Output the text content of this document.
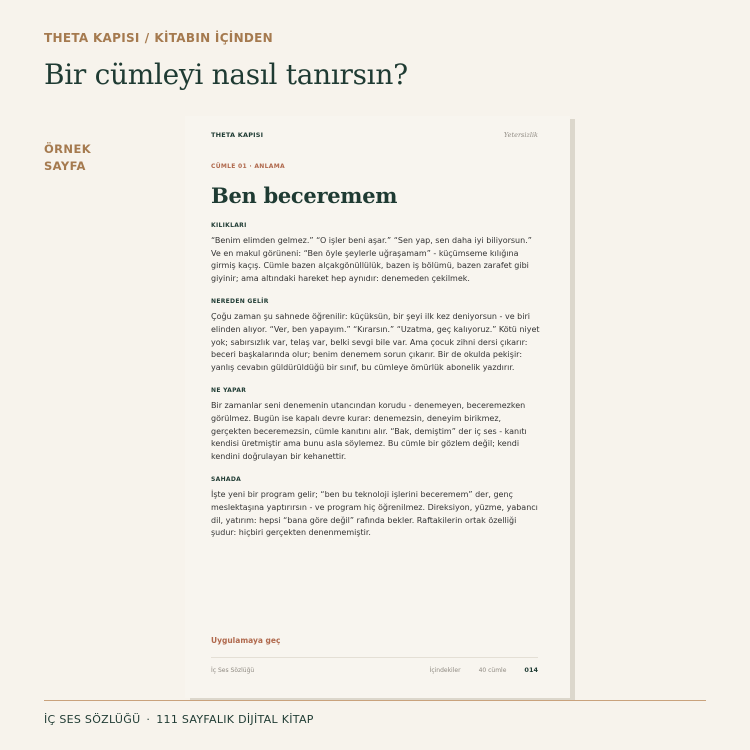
THETA KAPISI / KİTABIN İÇİNDEN
Bir cümleyi nasıl tanırsın?
ÖRNEK
SAYFA
THETA KAPISI	Yetersizlik
CÜMLE 01 · ANLAMA
Ben beceremem
KILIKLARI

“Benim elimden gelmez.” “O işler beni aşar.” “Sen yap, sen daha iyi biliyorsun.” Ve en makul görüneni: “Ben öyle şeylerle uğraşamam” - küçümseme kılığına girmiş kaçış. Cümle bazen alçakgönüllülük, bazen iş bölümü, bazen zarafet gibi giyinir; ama altındaki hareket hep aynıdır: denemeden çekilmek.

NEREDEN GELİR

Çoğu zaman şu sahnede öğrenilir: küçüksün, bir şeyi ilk kez deniyorsun - ve biri elinden alıyor. “Ver, ben yapayım.” “Kırarsın.” “Uzatma, geç kalıyoruz.” Kötü niyet yok; sabırsızlık var, telaş var, belki sevgi bile var. Ama çocuk zihni dersi çıkarır: beceri başkalarında olur; benim denemem sorun çıkarır. Bir de okulda pekişir: yanlış cevabın güldürüldüğü bir sınıf, bu cümleye ömürlük abonelik yazdırır.

NE YAPAR

Bir zamanlar seni denemenin utancından korudu - denemeyen, beceremezken görülmez. Bugün ise kapalı devre kurar: denemezsin, deneyim birikmez, gerçekten beceremezsin, cümle kanıtını alır. “Bak, demiştim” der iç ses - kanıtı kendisi üretmiştir ama bunu asla söylemez. Bu cümle bir gözlem değil; kendi kendini doğrulayan bir kehanettir.

SAHADA

İşte yeni bir program gelir; “ben bu teknoloji işlerini beceremem” der, genç meslektaşına yaptırırsın - ve program hiç öğrenilmez. Direksiyon, yüzme, yabancı dil, yatırım: hepsi “bana göre değil” rafında bekler. Raftakilerin ortak özelliği şudur: hiçbiri gerçekten denenmemiştir.

Uygulamaya geç
İç Ses Sözlüğü	İçindekiler	40 cümle	014
İÇ SES SÖZLÜĞÜ · 111 SAYFALIK DİJİTAL KİTAP
